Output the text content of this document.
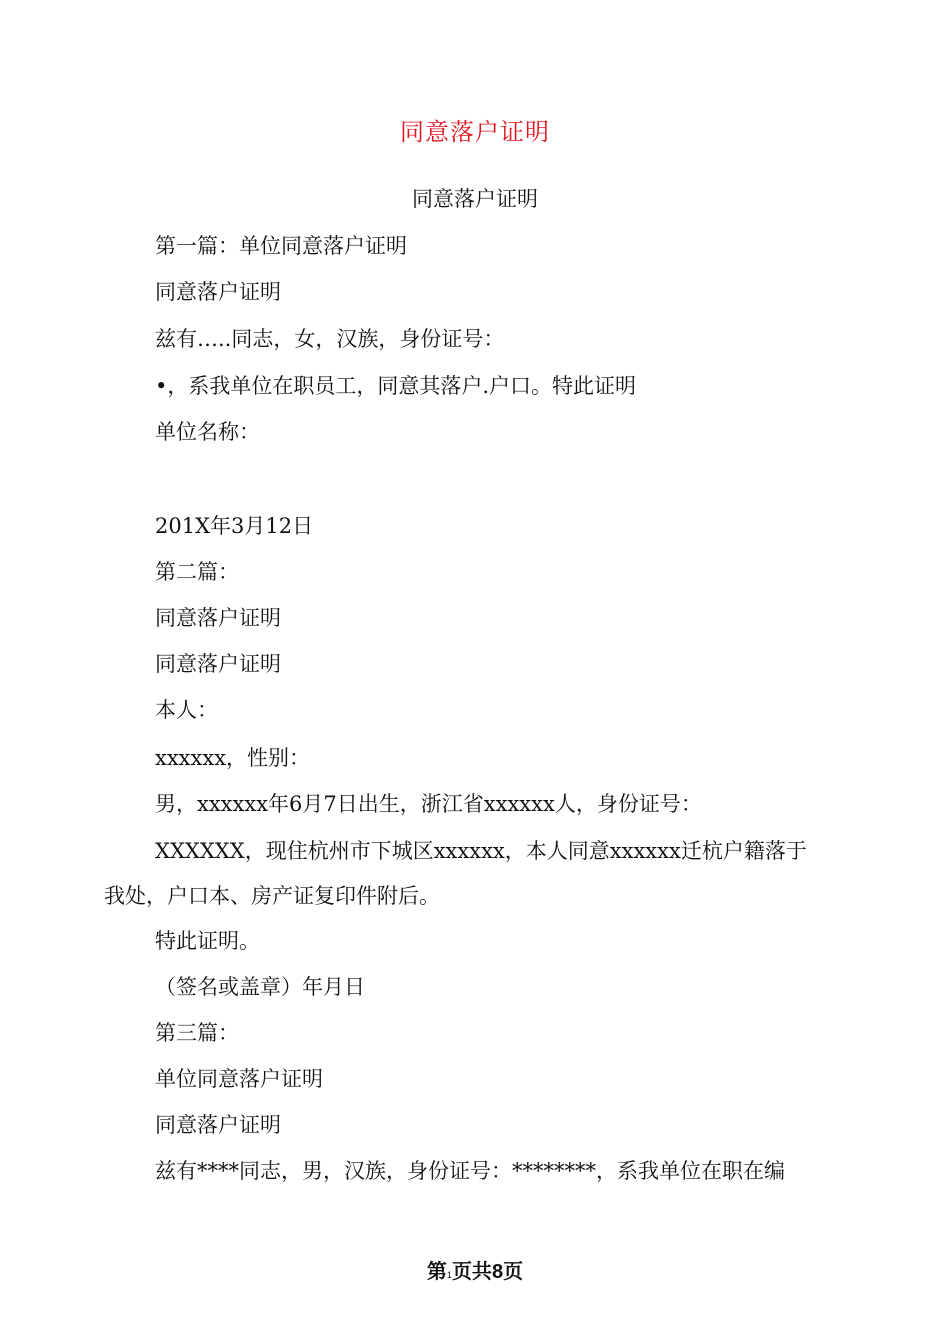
同意落户证明
同意落户证明
第一篇：单位同意落户证明
同意落户证明
兹有…..同志，女，汉族，身份证号：
•，系我单位在职员工，同意其落户.户口。特此证明
单位名称：
201X年3月12日
第二篇：
同意落户证明
同意落户证明
本人：
xxxxxx，性别：
男，xxxxxx年6月7日出生，浙江省xxxxxx人，身份证号：
XXXXXX，现住杭州市下城区xxxxxx，本人同意xxxxxx迁杭户籍落于
我处，户口本、房产证复印件附后。
特此证明。
（签名或盖章）年月日
第三篇：
单位同意落户证明
同意落户证明
兹有****同志，男，汉族，身份证号：********，系我单位在职在编
第1页共8页
